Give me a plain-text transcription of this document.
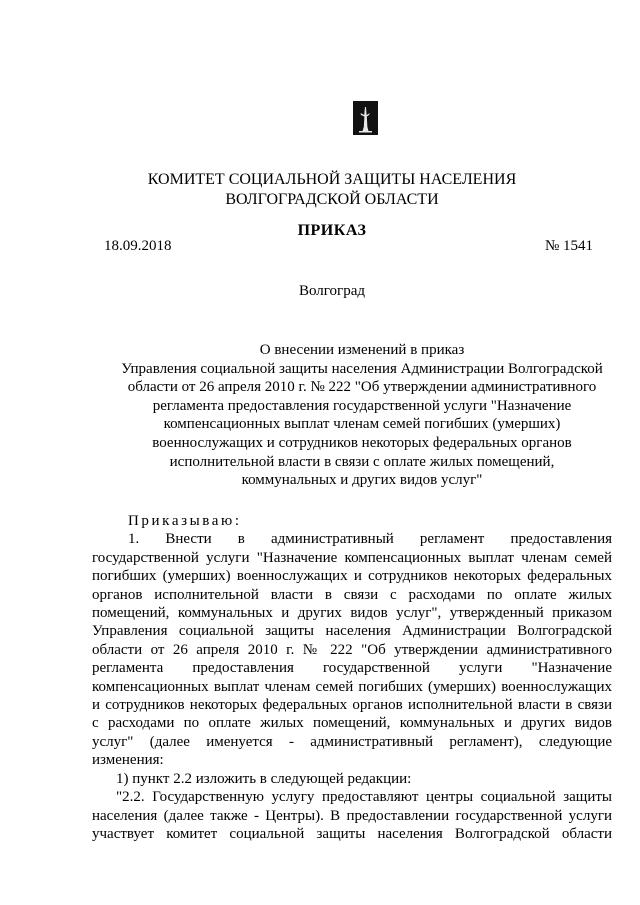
КОМИТЕТ СОЦИАЛЬНОЙ ЗАЩИТЫ НАСЕЛЕНИЯ
ВОЛГОГРАДСКОЙ ОБЛАСТИ
ПРИКАЗ
18.09.2018	№ 1541
Волгоград
О внесении изменений в приказ
Управления социальной защиты населения Администрации Волгоградской
области от 26 апреля 2010 г. № 222 "Об утверждении административного
регламента предоставления государственной услуги "Назначение
компенсационных выплат членам семей погибших (умерших)
военнослужащих и сотрудников некоторых федеральных органов
исполнительной власти в связи с оплате жилых помещений,
коммунальных и других видов услуг"
Приказываю:
1. Внести в административный регламент предоставления
государственной услуги "Назначение компенсационных выплат членам семей
погибших (умерших) военнослужащих и сотрудников некоторых федеральных
органов исполнительной власти в связи с расходами по оплате жилых
помещений, коммунальных и других видов услуг", утвержденный приказом
Управления социальной защиты населения Администрации Волгоградской
области от 26 апреля 2010 г. № 222 "Об утверждении административного
регламента предоставления государственной услуги "Назначение
компенсационных выплат членам семей погибших (умерших) военнослужащих
и сотрудников некоторых федеральных органов исполнительной власти в связи
с расходами по оплате жилых помещений, коммунальных и других видов
услуг" (далее именуется - административный регламент), следующие
изменения:
1) пункт 2.2 изложить в следующей редакции:
"2.2. Государственную услугу предоставляют центры социальной защиты
населения (далее также - Центры). В предоставлении государственной услуги
участвует комитет социальной защиты населения Волгоградской области
